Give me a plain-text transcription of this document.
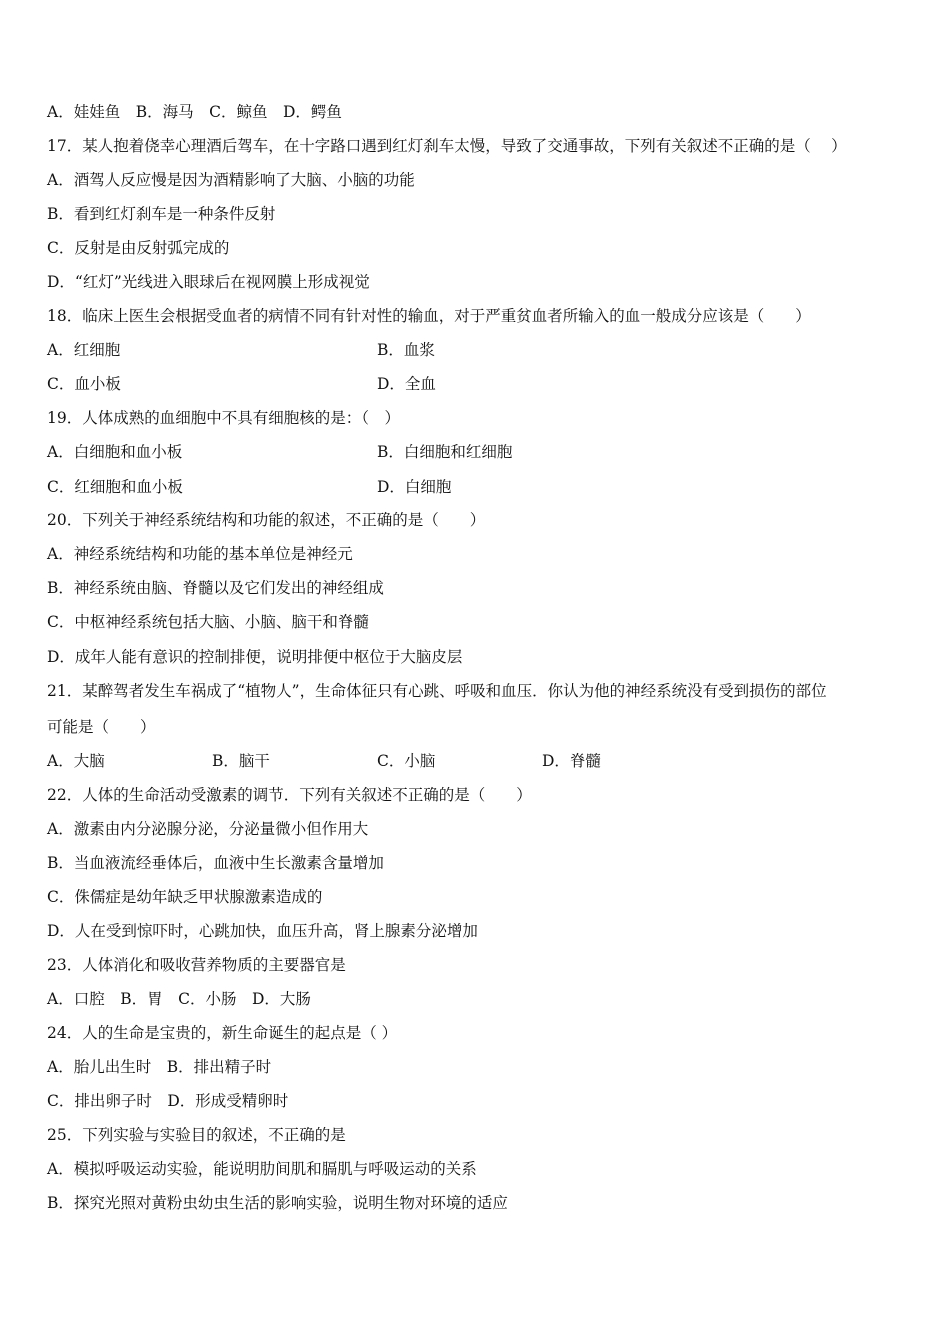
A．娃娃鱼　B．海马　C．鲸鱼　D．鳄鱼
17．某人抱着侥幸心理酒后驾车，在十字路口遇到红灯刹车太慢，导致了交通事故，下列有关叙述不正确的是（　 ）
A．酒驾人反应慢是因为酒精影响了大脑、小脑的功能
B．看到红灯刹车是一种条件反射
C．反射是由反射弧完成的
D．“红灯”光线进入眼球后在视网膜上形成视觉
18．临床上医生会根据受血者的病情不同有针对性的输血，对于严重贫血者所输入的血一般成分应该是（　　）
A．红细胞	B．血浆
C．血小板	D．全血
19．人体成熟的血细胞中不具有细胞核的是：（　）
A．白细胞和血小板	B．白细胞和红细胞
C．红细胞和血小板	D．白细胞
20．下列关于神经系统结构和功能的叙述，不正确的是（　　）
A．神经系统结构和功能的基本单位是神经元
B．神经系统由脑、脊髓以及它们发出的神经组成
C．中枢神经系统包括大脑、小脑、脑干和脊髓
D．成年人能有意识的控制排便，说明排便中枢位于大脑皮层
21．某醉驾者发生车祸成了“植物人”，生命体征只有心跳、呼吸和血压．你认为他的神经系统没有受到损伤的部位
可能是（　　）
A．大脑	B．脑干	C．小脑	D．脊髓
22．人体的生命活动受激素的调节．下列有关叙述不正确的是（　　）
A．激素由内分泌腺分泌，分泌量微小但作用大
B．当血液流经垂体后，血液中生长激素含量增加
C．侏儒症是幼年缺乏甲状腺激素造成的
D．人在受到惊吓时，心跳加快，血压升高，肾上腺素分泌增加
23．人体消化和吸收营养物质的主要器官是
A．口腔　B．胃　C．小肠　D．大肠
24．人的生命是宝贵的，新生命诞生的起点是（ ）
A．胎儿出生时　B．排出精子时
C．排出卵子时　D．形成受精卵时
25．下列实验与实验目的叙述，不正确的是
A．模拟呼吸运动实验，能说明肋间肌和膈肌与呼吸运动的关系
B．探究光照对黄粉虫幼虫生活的影响实验，说明生物对环境的适应
